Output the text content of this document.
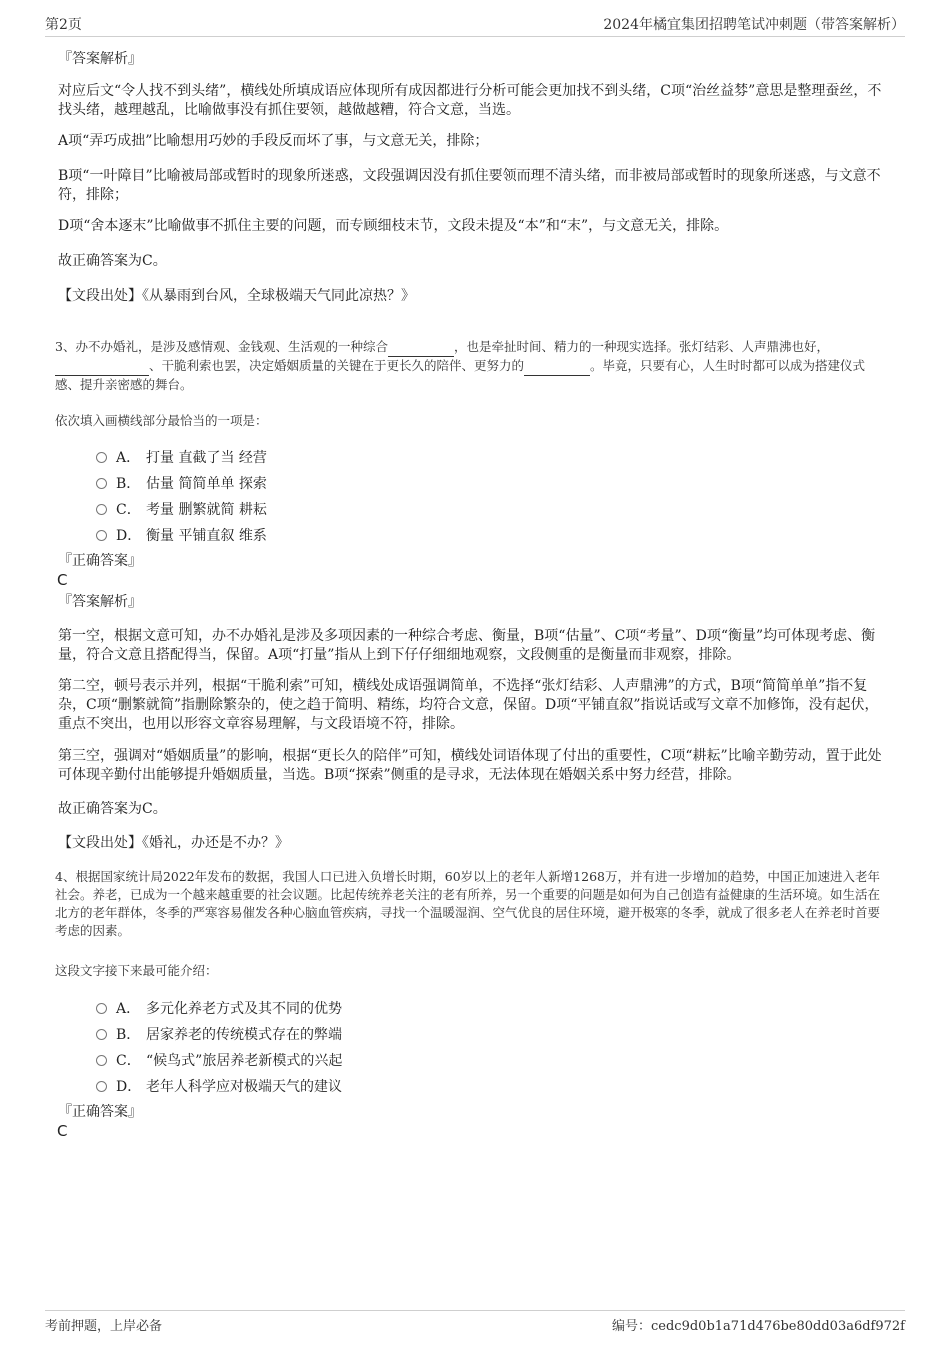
第2页	2024年橘宜集团招聘笔试冲刺题（带答案解析）
『答案解析』
对应后文“令人找不到头绪”，横线处所填成语应体现所有成因都进行分析可能会更加找不到头绪，C项“治丝益棼”意思是整理蚕丝，不找头绪，越理越乱，比喻做事没有抓住要领，越做越糟，符合文意，当选。
A项“弄巧成拙”比喻想用巧妙的手段反而坏了事，与文意无关，排除；
B项“一叶障目”比喻被局部或暂时的现象所迷惑，文段强调因没有抓住要领而理不清头绪，而非被局部或暂时的现象所迷惑，与文意不符，排除；
D项“舍本逐末”比喻做事不抓住主要的问题，而专顾细枝末节，文段未提及“本”和“末”，与文意无关，排除。
故正确答案为C。
【文段出处】《从暴雨到台风，全球极端天气同此凉热？》
3、办不办婚礼，是涉及感情观、金钱观、生活观的一种综合	，也是牵扯时间、精力的一种现实选择。张灯结彩、人声鼎沸也好， 、干脆利索也罢，决定婚姻质量的关键在于更长久的陪伴、更努力的	。毕竟，只要有心，人生时时都可以成为搭建仪式感、提升亲密感的舞台。
依次填入画横线部分最恰当的一项是：
A． 打量 直截了当 经营
B． 估量 简简单单 探索
C． 考量 删繁就简 耕耘
D． 衡量 平铺直叙 维系
『正确答案』
C
『答案解析』
第一空，根据文意可知，办不办婚礼是涉及多项因素的一种综合考虑、衡量，B项“估量”、C项“考量”、D项“衡量”均可体现考虑、衡量，符合文意且搭配得当，保留。A项“打量”指从上到下仔仔细细地观察，文段侧重的是衡量而非观察，排除。
第二空，顿号表示并列，根据“干脆利索”可知，横线处成语强调简单，不选择“张灯结彩、人声鼎沸”的方式，B项“简简单单”指不复杂，C项“删繁就简”指删除繁杂的，使之趋于简明、精练，均符合文意，保留。D项“平铺直叙”指说话或写文章不加修饰，没有起伏，重点不突出，也用以形容文章容易理解，与文段语境不符，排除。
第三空，强调对“婚姻质量”的影响，根据“更长久的陪伴”可知，横线处词语体现了付出的重要性，C项“耕耘”比喻辛勤劳动，置于此处可体现辛勤付出能够提升婚姻质量，当选。B项“探索”侧重的是寻求，无法体现在婚姻关系中努力经营，排除。
故正确答案为C。
【文段出处】《婚礼，办还是不办？》
4、根据国家统计局2022年发布的数据，我国人口已进入负增长时期，60岁以上的老年人新增1268万，并有进一步增加的趋势，中国正加速进入老年社会。养老，已成为一个越来越重要的社会议题。比起传统养老关注的老有所养，另一个重要的问题是如何为自己创造有益健康的生活环境。如生活在北方的老年群体，冬季的严寒容易催发各种心脑血管疾病，寻找一个温暖湿润、空气优良的居住环境，避开极寒的冬季，就成了很多老人在养老时首要考虑的因素。
这段文字接下来最可能介绍：
A． 多元化养老方式及其不同的优势
B． 居家养老的传统模式存在的弊端
C． “候鸟式”旅居养老新模式的兴起
D． 老年人科学应对极端天气的建议
『正确答案』
C
考前押题，上岸必备	编号：cedc9d0b1a71d476be80dd03a6df972f
